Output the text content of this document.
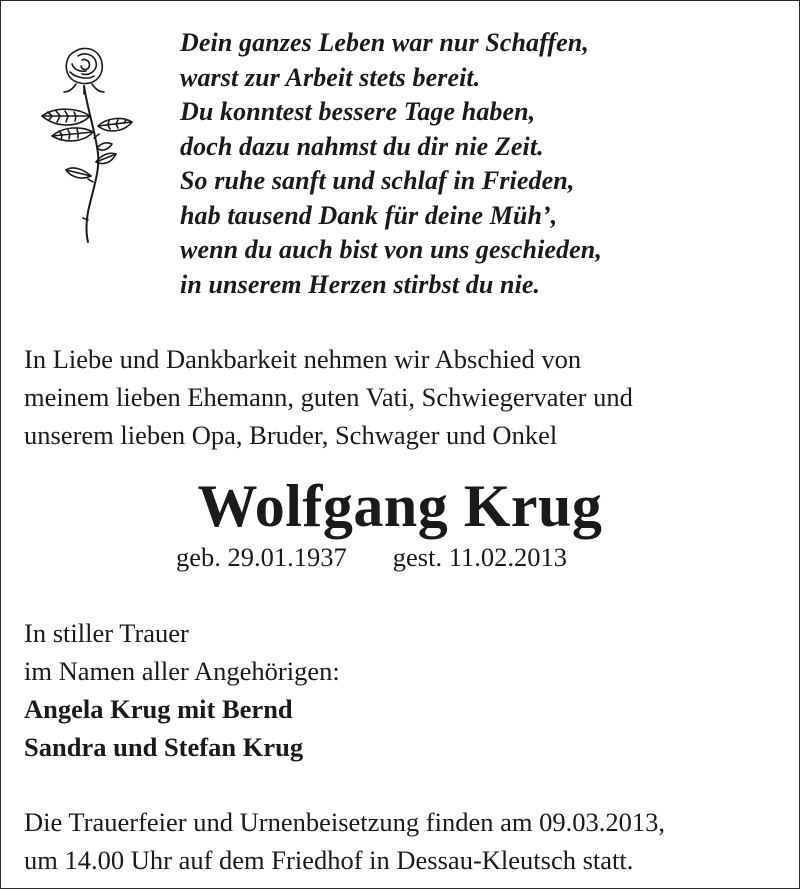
Dein ganzes Leben war nur Schaffen,
warst zur Arbeit stets bereit.
Du konntest bessere Tage haben,
doch dazu nahmst du dir nie Zeit.
So ruhe sanft und schlaf in Frieden,
hab tausend Dank für deine Müh’,
wenn du auch bist von uns geschieden,
in unserem Herzen stirbst du nie.
In Liebe und Dankbarkeit nehmen wir Abschied von
meinem lieben Ehemann, guten Vati, Schwiegervater und
unserem lieben Opa, Bruder, Schwager und Onkel
Wolfgang Krug
geb. 29.01.1937 gest. 11.02.2013
In stiller Trauer
im Namen aller Angehörigen:
Angela Krug mit Bernd
Sandra und Stefan Krug
Die Trauerfeier und Urnenbeisetzung finden am 09.03.2013,
um 14.00 Uhr auf dem Friedhof in Dessau-Kleutsch statt.
